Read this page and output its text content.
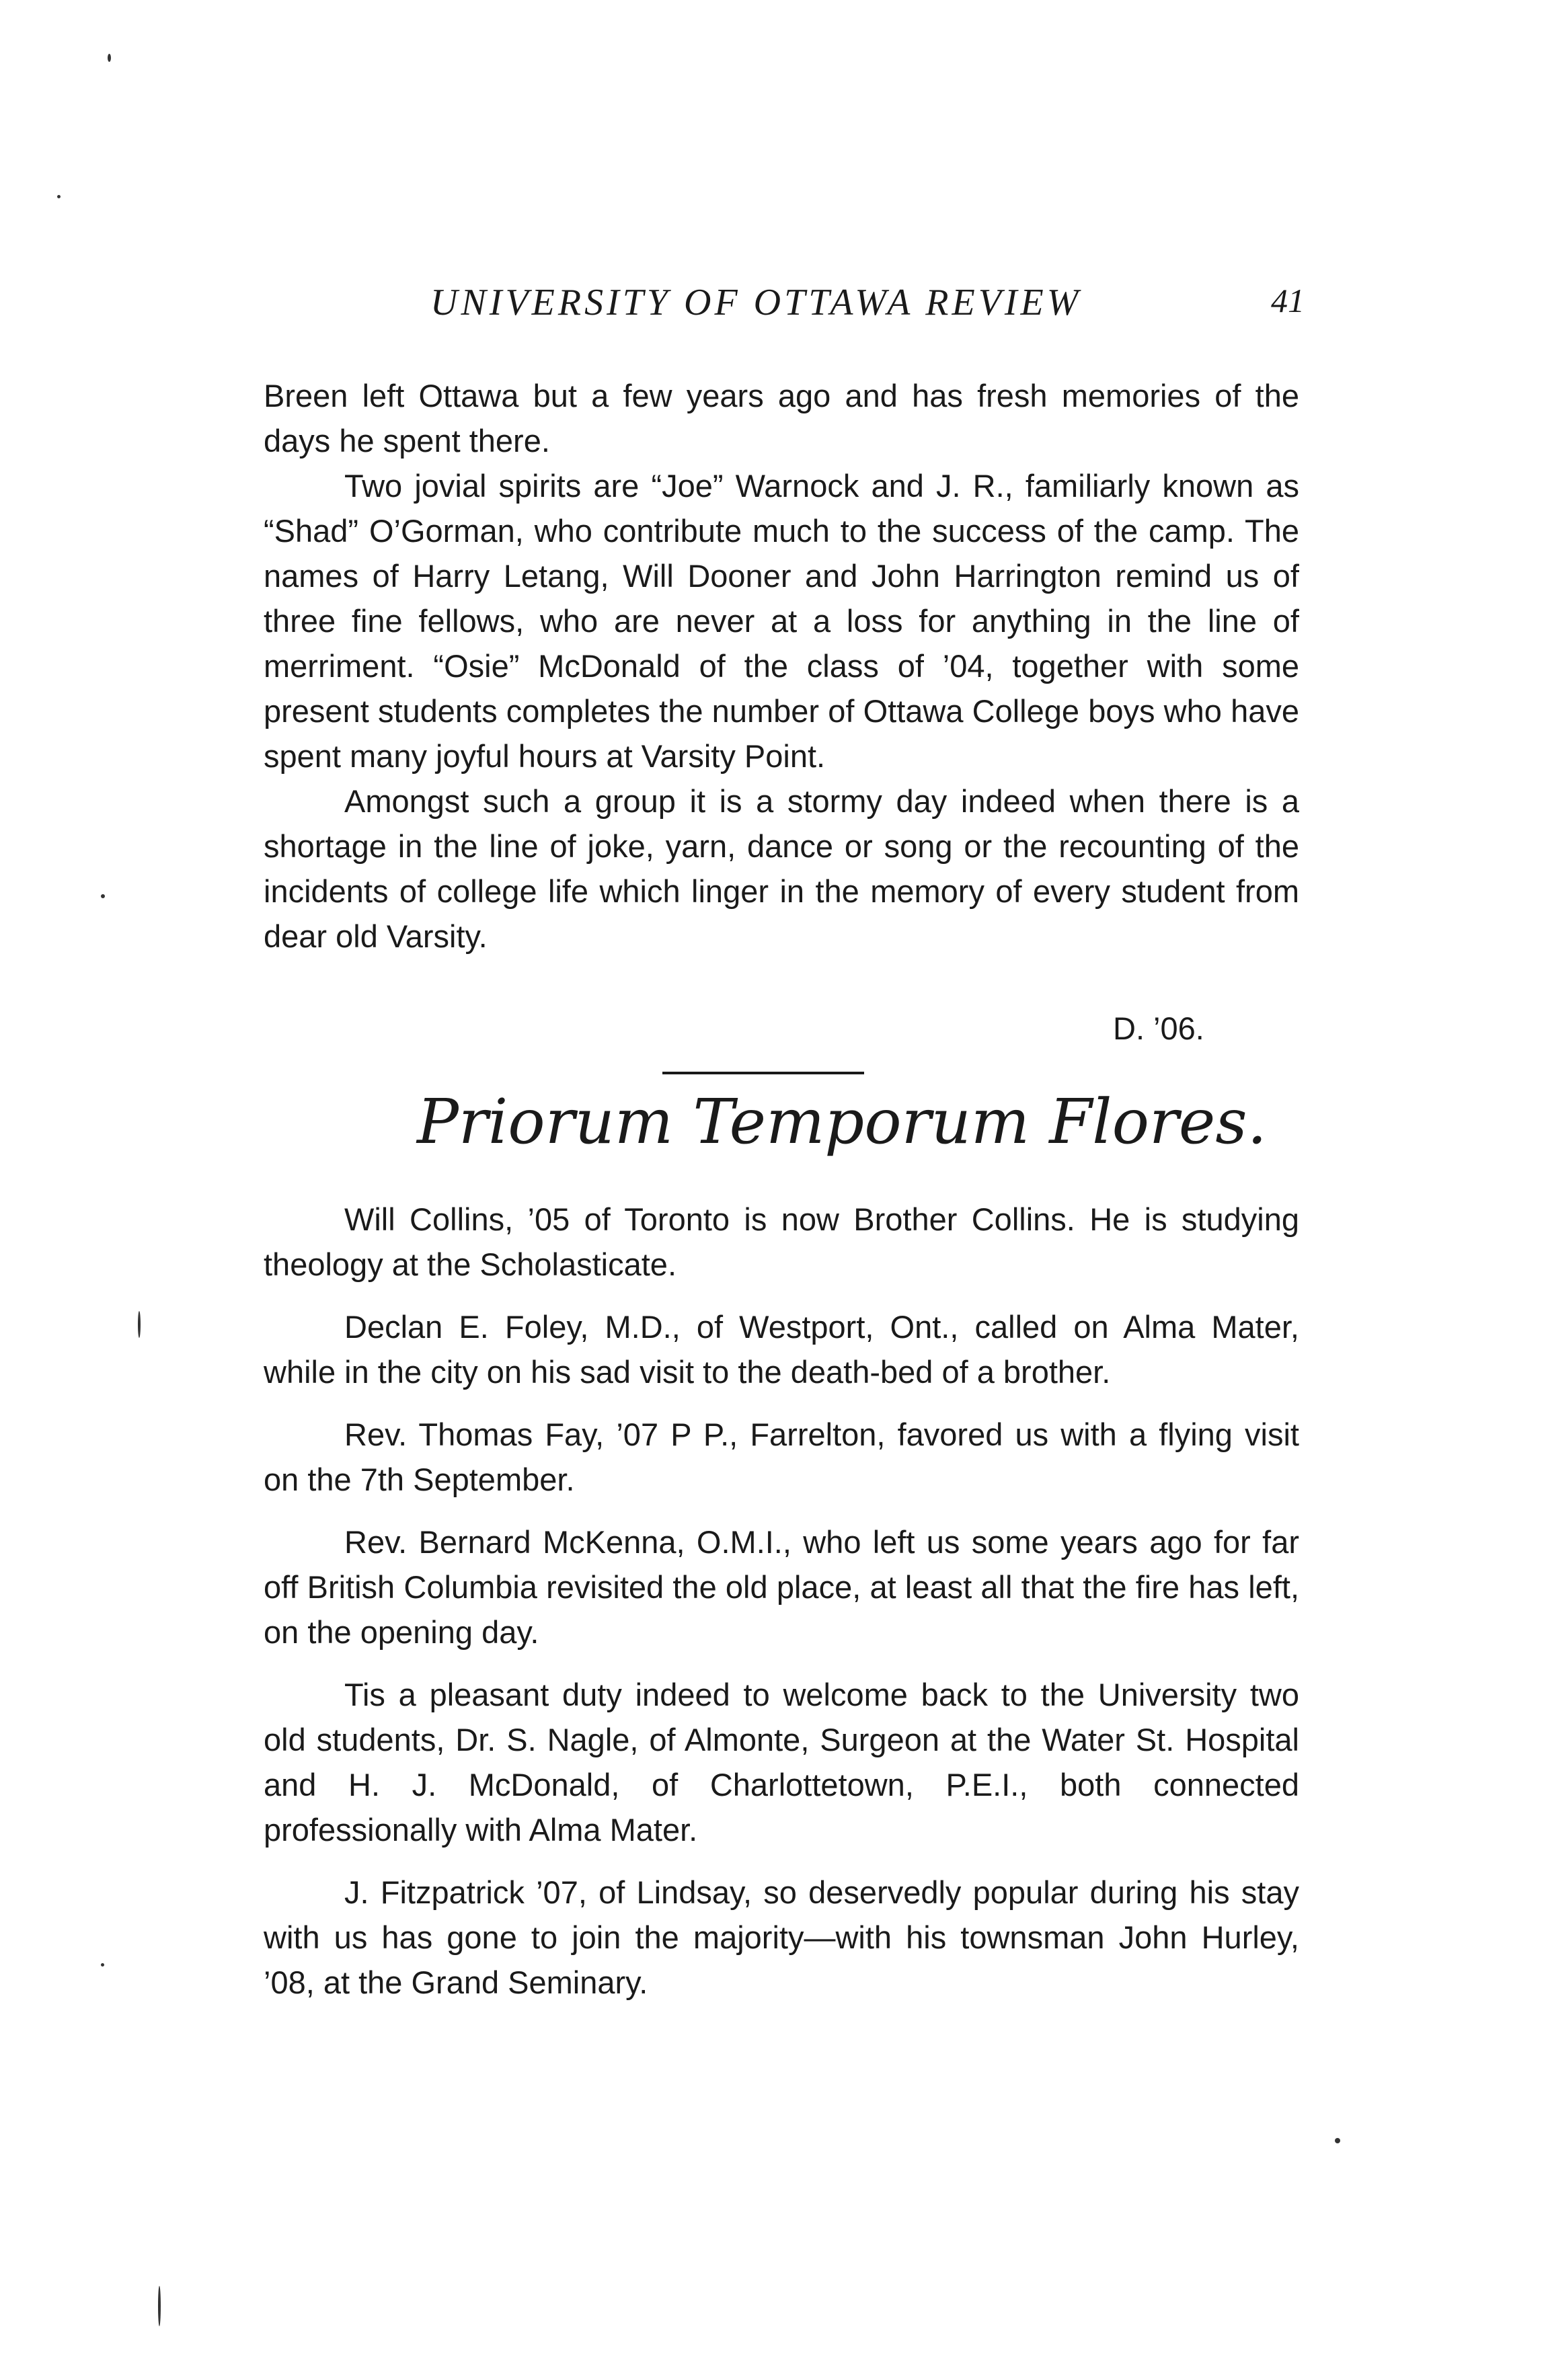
UNIVERSITY OF OTTAWA REVIEW	41

Breen left Ottawa but a few years ago and has fresh memories of the days he spent there.

Two jovial spirits are “Joe” Warnock and J. R., familiarly known as “Shad” O’Gorman, who contribute much to the success of the camp. The names of Harry Letang, Will Dooner and John Harrington remind us of three fine fellows, who are never at a loss for anything in the line of merriment. “Osie” McDonald of the class of ’04, together with some present students completes the number of Ottawa College boys who have spent many joyful hours at Varsity Point.

Amongst such a group it is a stormy day indeed when there is a shortage in the line of joke, yarn, dance or song or the recounting of the incidents of college life which linger in the memory of every student from dear old Varsity.

D. ’06.
Priorum Temporum Flores.

Will Collins, ’05 of Toronto is now Brother Collins. He is studying theology at the Scholasticate.

Declan E. Foley, M.D., of Westport, Ont., called on Alma Mater, while in the city on his sad visit to the death-bed of a brother.

Rev. Thomas Fay, ’07 P P., Farrelton, favored us with a flying visit on the 7th September.

Rev. Bernard McKenna, O.M.I., who left us some years ago for far off British Columbia revisited the old place, at least all that the fire has left, on the opening day.

Tis a pleasant duty indeed to welcome back to the University two old students, Dr. S. Nagle, of Almonte, Surgeon at the Water St. Hospital and H. J. McDonald, of Charlottetown, P.E.I., both connected professionally with Alma Mater.

J. Fitzpatrick ’07, of Lindsay, so deservedly popular during his stay with us has gone to join the majority—with his townsman John Hurley, ’08, at the Grand Seminary.
